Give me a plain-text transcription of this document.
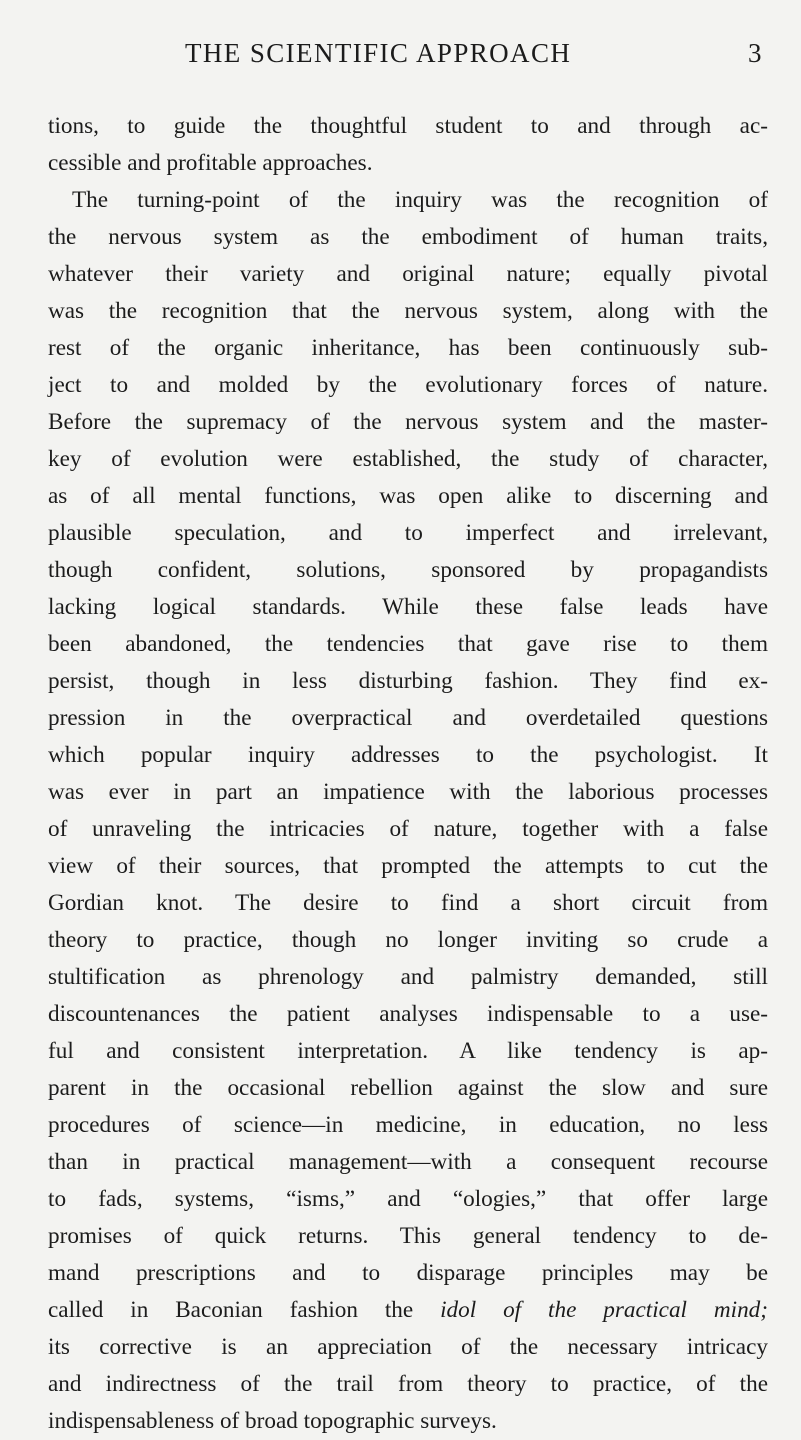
THE SCIENTIFIC APPROACH	3
tions, to guide the thoughtful student to and through ac-
cessible and profitable approaches.
The turning-point of the inquiry was the recognition of
the nervous system as the embodiment of human traits,
whatever their variety and original nature; equally pivotal
was the recognition that the nervous system, along with the
rest of the organic inheritance, has been continuously sub-
ject to and molded by the evolutionary forces of nature.
Before the supremacy of the nervous system and the master-
key of evolution were established, the study of character,
as of all mental functions, was open alike to discerning and
plausible speculation, and to imperfect and irrelevant,
though confident, solutions, sponsored by propagandists
lacking logical standards. While these false leads have
been abandoned, the tendencies that gave rise to them
persist, though in less disturbing fashion. They find ex-
pression in the overpractical and overdetailed questions
which popular inquiry addresses to the psychologist. It
was ever in part an impatience with the laborious processes
of unraveling the intricacies of nature, together with a false
view of their sources, that prompted the attempts to cut the
Gordian knot. The desire to find a short circuit from
theory to practice, though no longer inviting so crude a
stultification as phrenology and palmistry demanded, still
discountenances the patient analyses indispensable to a use-
ful and consistent interpretation. A like tendency is ap-
parent in the occasional rebellion against the slow and sure
procedures of science—in medicine, in education, no less
than in practical management—with a consequent recourse
to fads, systems, “isms,” and “ologies,” that offer large
promises of quick returns. This general tendency to de-
mand prescriptions and to disparage principles may be
called in Baconian fashion the idol of the practical mind;
its corrective is an appreciation of the necessary intricacy
and indirectness of the trail from theory to practice, of the
indispensableness of broad topographic surveys.
